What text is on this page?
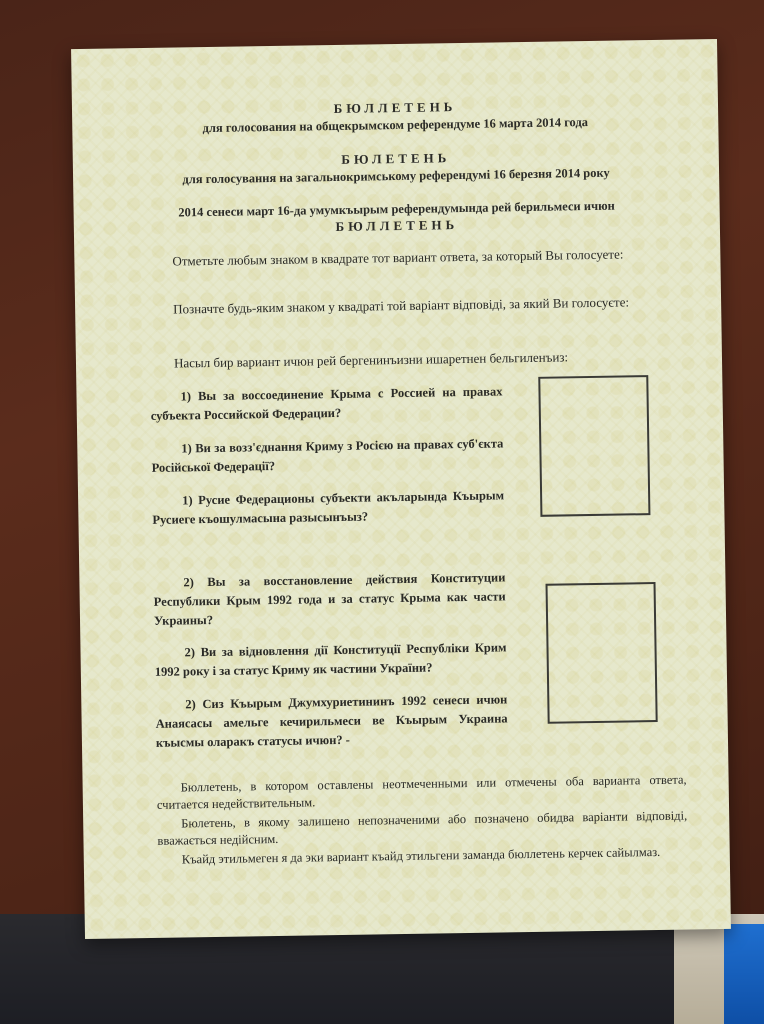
БЮЛЛЕТЕНЬ
для голосования на общекрымском референдуме 16 марта 2014 года
БЮЛЕТЕНЬ
для голосування на загальнокримському референдумі 16 березня 2014 року
2014 сенеси март 16-да умумкъырым референдумында рей берильмеси ичюн
БЮЛЛЕТЕНЬ
Отметьте любым знаком в квадрате тот вариант ответа, за который Вы голосуете:
Позначте будь-яким знаком у квадраті той варіант відповіді, за який Ви голосуєте:
Насыл бир вариант ичюн рей бергенинъизни ишаретнен бельгиленъиз:
1) Вы за воссоединение Крыма с Россией на правах субъекта Российской Федерации?
1) Ви за возз'єднання Криму з Росією на правах суб'єкта Російської Федерації?
1) Русие Федерационы субъекти акъларында Къырым Русиеге къошулмасына разысынъыз?
2) Вы за восстановление действия Конституции Республики Крым 1992 года и за статус Крыма как части Украины?
2) Ви за відновлення дії Конституції Республіки Крим 1992 року і за статус Криму як частини України?
2) Сиз Къырым Джумхуриетининъ 1992 сенеси ичюн Анаясасы амельге кечирильмеси ве Къырым Украина къысмы оларакъ статусы ичюн? -
Бюллетень, в котором оставлены неотмеченными или отмечены оба варианта ответа, считается недействительным.
Бюлетень, в якому залишено непозначеними або позначено обидва варіанти відповіді, вважається недійсним.
Къайд этильмеген я да эки вариант къайд этильгени заманда бюллетень керчек сайылмаз.
